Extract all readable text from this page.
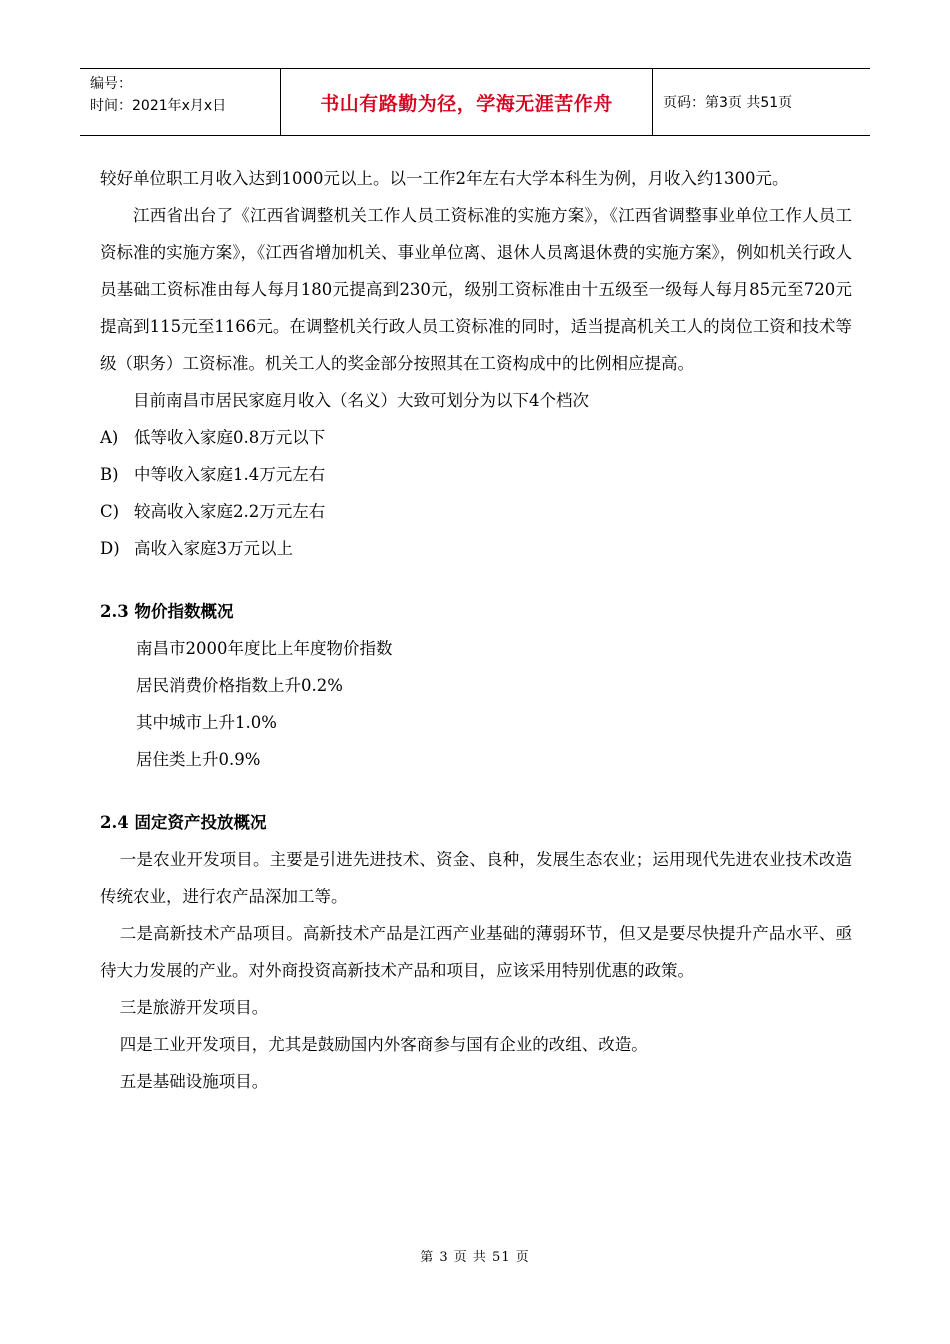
编号：
时间：2021年x月x日	书山有路勤为径，学海无涯苦作舟	页码：第3页 共51页

较好单位职工月收入达到1000元以上。以一工作2年左右大学本科生为例，月收入约1300元。

江西省出台了《江西省调整机关工作人员工资标准的实施方案》，《江西省调整事业单位工作人员工资标准的实施方案》，《江西省增加机关、事业单位离、退休人员离退休费的实施方案》，例如机关行政人员基础工资标准由每人每月180元提高到230元，级别工资标准由十五级至一级每人每月85元至720元提高到115元至1166元。在调整机关行政人员工资标准的同时，适当提高机关工人的岗位工资和技术等级（职务）工资标准。机关工人的奖金部分按照其在工资构成中的比例相应提高。

目前南昌市居民家庭月收入（名义）大致可划分为以下4个档次

A) 低等收入家庭0.8万元以下
B) 中等收入家庭1.4万元左右
C) 较高收入家庭2.2万元左右
D) 高收入家庭3万元以上

2.3 物价指数概况

南昌市2000年度比上年度物价指数

居民消费价格指数上升0.2%

其中城市上升1.0%

居住类上升0.9%

2.4 固定资产投放概况

一是农业开发项目。主要是引进先进技术、资金、良种，发展生态农业；运用现代先进农业技术改造传统农业，进行农产品深加工等。

二是高新技术产品项目。高新技术产品是江西产业基础的薄弱环节，但又是要尽快提升产品水平、亟待大力发展的产业。对外商投资高新技术产品和项目，应该采用特别优惠的政策。

三是旅游开发项目。

四是工业开发项目，尤其是鼓励国内外客商参与国有企业的改组、改造。

五是基础设施项目。

第 3 页 共 51 页
